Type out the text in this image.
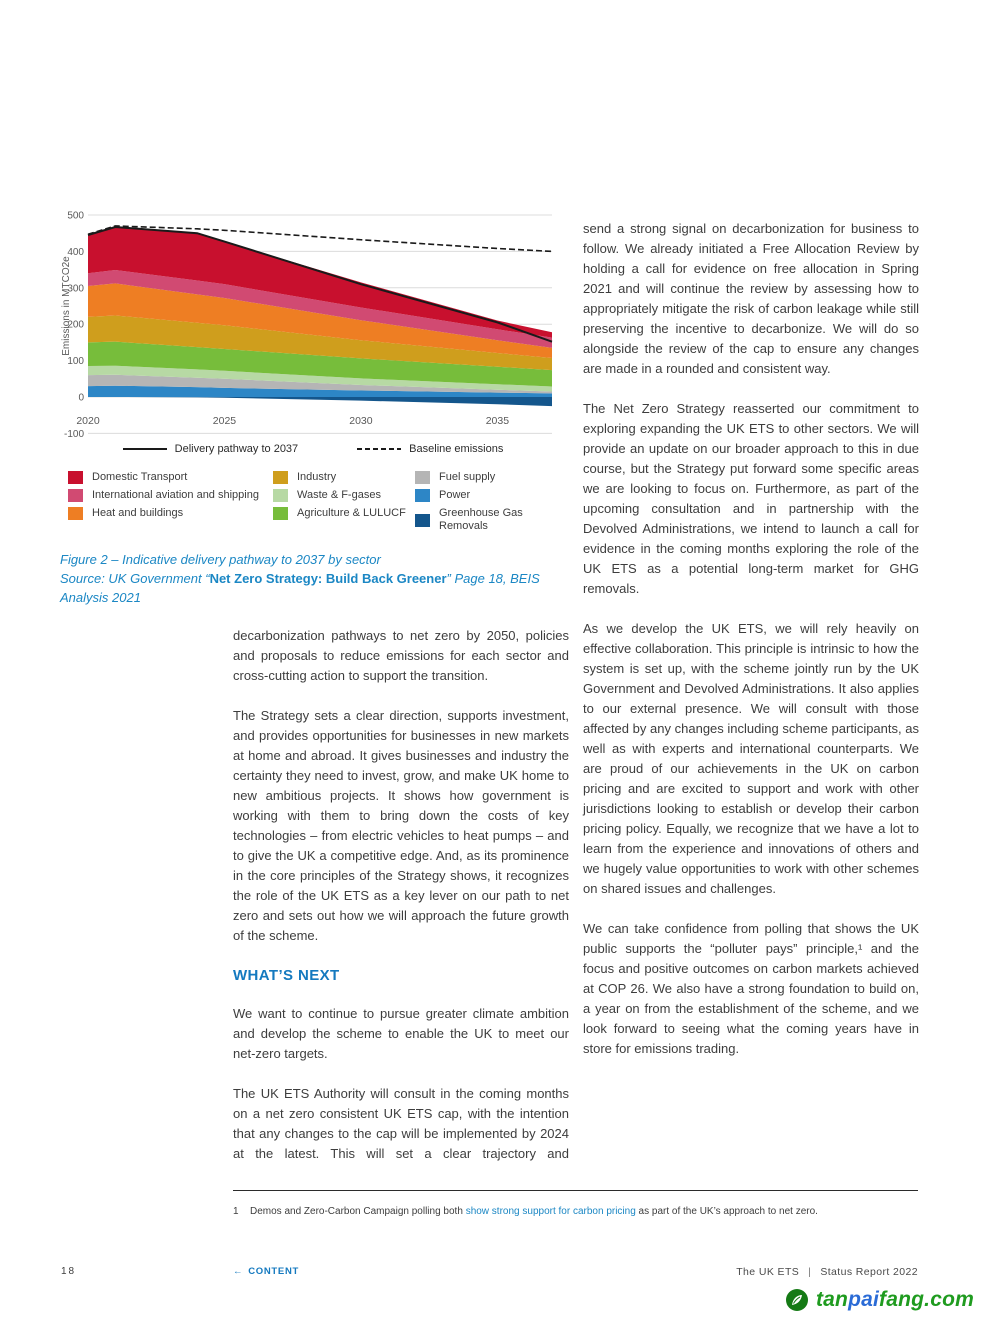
500
400
300
200
100
0
-100
2020	2025	2030	2035
Emissions in MTCO2e
Delivery pathway to 2037	Baseline emissions
Domestic Transport
International aviation and shipping
Heat and buildings
Industry
Waste & F-gases
Agriculture & LULUCF
Fuel supply
Power
Greenhouse Gas Removals
Figure 2 – Indicative delivery pathway to 2037 by sector
Source: UK Government “Net Zero Strategy: Build Back Greener” Page 18, BEIS Analysis 2021

decarbonization pathways to net zero by 2050, policies and proposals to reduce emissions for each sector and cross-cutting action to support the transition.

The Strategy sets a clear direction, supports investment, and provides opportunities for businesses in new markets at home and abroad. It gives businesses and industry the certainty they need to invest, grow, and make UK home to new ambitious projects. It shows how government is working with them to bring down the costs of key technologies – from electric vehicles to heat pumps – and to give the UK a competitive edge. And, as its prominence in the core principles of the Strategy shows, it recognizes the role of the UK ETS as a key lever on our path to net zero and sets out how we will approach the future growth of the scheme.

WHAT’S NEXT

We want to continue to pursue greater climate ambition and develop the scheme to enable the UK to meet our net-zero targets.

The UK ETS Authority will consult in the coming months on a net zero consistent UK ETS cap, with the intention that any changes to the cap will be implemented by 2024 at the latest. This will set a clear trajectory and

send a strong signal on decarbonization for business to follow. We already initiated a Free Allocation Review by holding a call for evidence on free allocation in Spring 2021 and will continue the review by assessing how to appropriately mitigate the risk of carbon leakage while still preserving the incentive to decarbonize. We will do so alongside the review of the cap to ensure any changes are made in a rounded and consistent way.

The Net Zero Strategy reasserted our commitment to exploring expanding the UK ETS to other sectors. We will provide an update on our broader approach to this in due course, but the Strategy put forward some specific areas we are looking to focus on. Furthermore, as part of the upcoming consultation and in partnership with the Devolved Administrations, we intend to launch a call for evidence in the coming months exploring the role of the UK ETS as a potential long-term market for GHG removals.

As we develop the UK ETS, we will rely heavily on effective collaboration. This principle is intrinsic to how the system is set up, with the scheme jointly run by the UK Government and Devolved Administrations. It also applies to our external presence. We will consult with those affected by any changes including scheme participants, as well as with experts and international counterparts. We are proud of our achievements in the UK on carbon pricing and are excited to support and work with other jurisdictions looking to establish or develop their carbon pricing policy. Equally, we recognize that we have a lot to learn from the experience and innovations of others and we hugely value opportunities to work with other schemes on shared issues and challenges.

We can take confidence from polling that shows the UK public supports the “polluter pays” principle,¹ and the focus and positive outcomes on carbon markets achieved at COP 26. We also have a strong foundation to build on, a year on from the establishment of the scheme, and we look forward to seeing what the coming years have in store for emissions trading.

1 Demos and Zero-Carbon Campaign polling both show strong support for carbon pricing as part of the UK’s approach to net zero.
18	← CONTENT	The UK ETS | Status Report 2022
tanpaifang.com
